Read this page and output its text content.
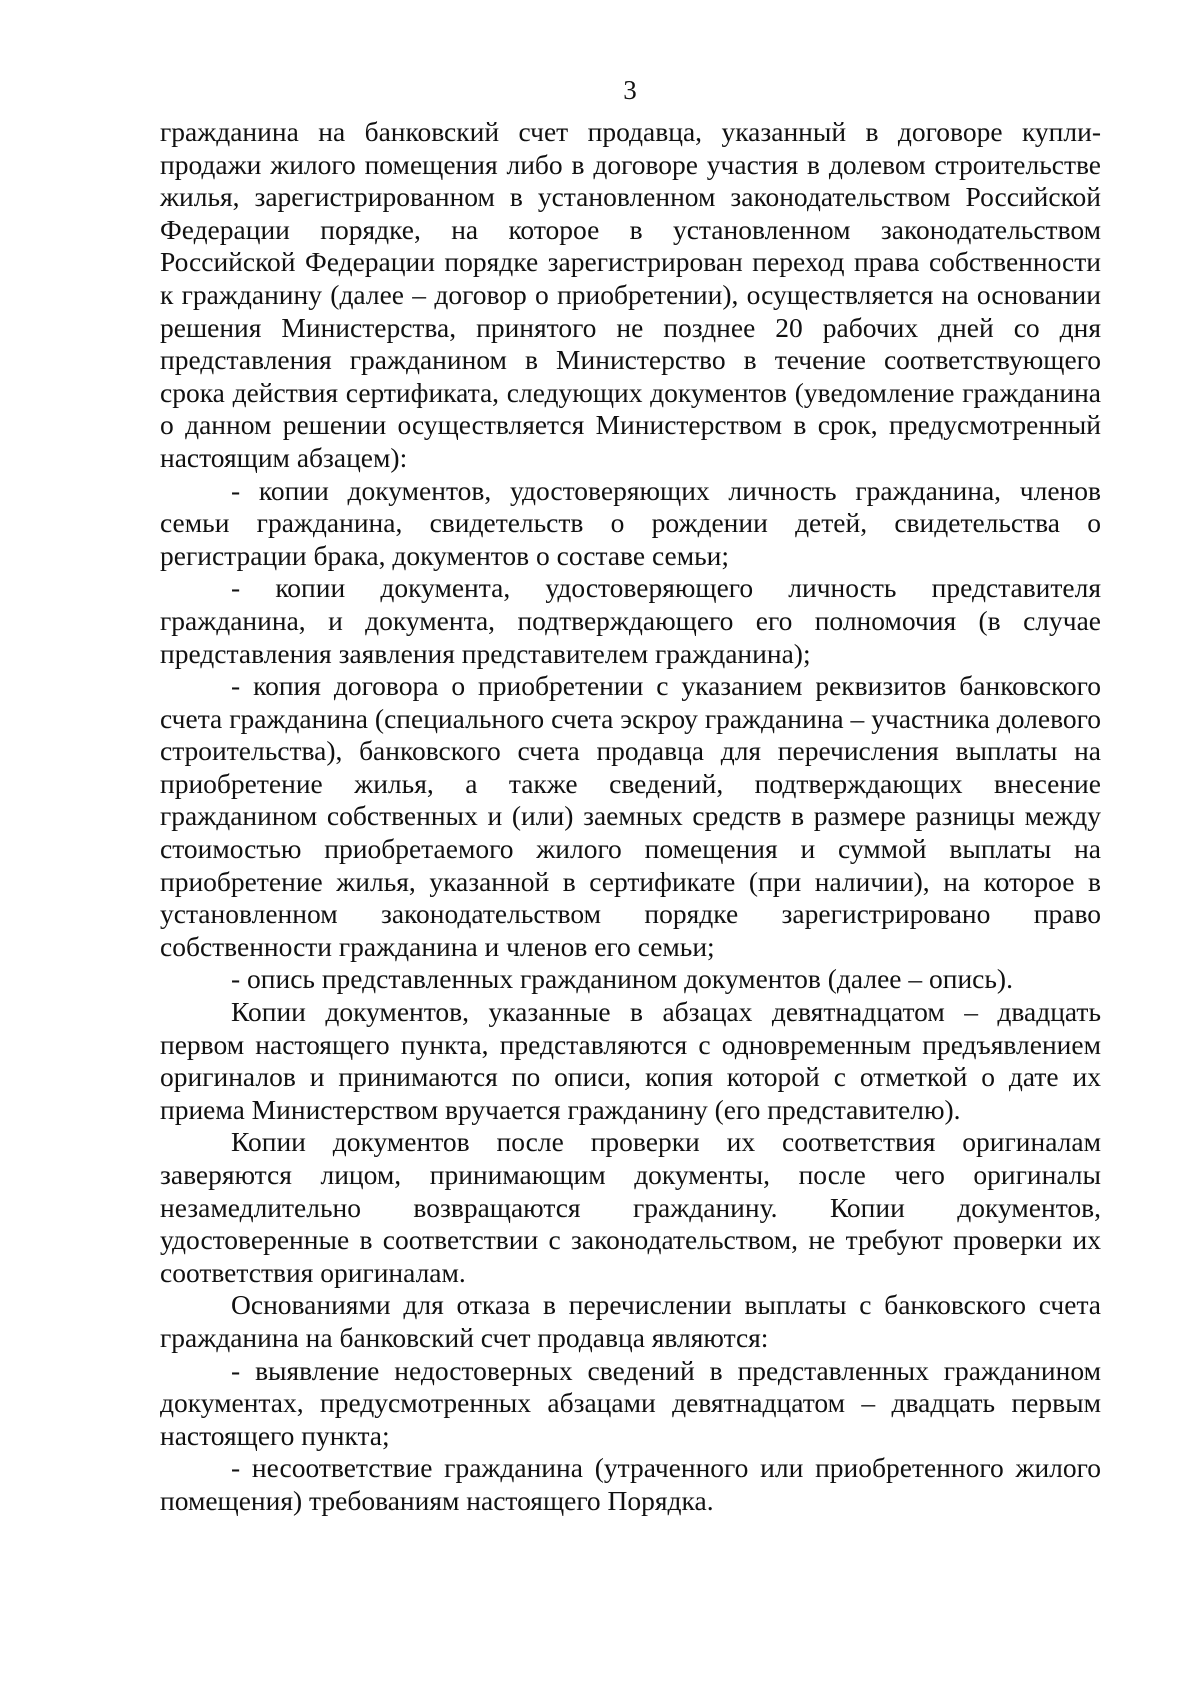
3

гражданина на банковский счет продавца, указанный в договоре купли-продажи жилого помещения либо в договоре участия в долевом строительстве жилья, зарегистрированном в установленном законодательством Российской Федерации порядке, на которое в установленном законодательством Российской Федерации порядке зарегистрирован переход права собственности к гражданину (далее – договор о приобретении), осуществляется на основании решения Министерства, принятого не позднее 20 рабочих дней со дня представления гражданином в Министерство в течение соответствующего срока действия сертификата, следующих документов (уведомление гражданина о данном решении осуществляется Министерством в срок, предусмотренный настоящим абзацем):

- копии документов, удостоверяющих личность гражданина, членов семьи гражданина, свидетельств о рождении детей, свидетельства о регистрации брака, документов о составе семьи;

- копии документа, удостоверяющего личность представителя гражданина, и документа, подтверждающего его полномочия (в случае представления заявления представителем гражданина);

- копия договора о приобретении с указанием реквизитов банковского счета гражданина (специального счета эскроу гражданина – участника долевого строительства), банковского счета продавца для перечисления выплаты на приобретение жилья, а также сведений, подтверждающих внесение гражданином собственных и (или) заемных средств в размере разницы между стоимостью приобретаемого жилого помещения и суммой выплаты на приобретение жилья, указанной в сертификате (при наличии), на которое в установленном законодательством порядке зарегистрировано право собственности гражданина и членов его семьи;

- опись представленных гражданином документов (далее – опись).

Копии документов, указанные в абзацах девятнадцатом – двадцать первом настоящего пункта, представляются с одновременным предъявлением оригиналов и принимаются по описи, копия которой с отметкой о дате их приема Министерством вручается гражданину (его представителю).

Копии документов после проверки их соответствия оригиналам заверяются лицом, принимающим документы, после чего оригиналы незамедлительно возвращаются гражданину. Копии документов, удостоверенные в соответствии с законодательством, не требуют проверки их соответствия оригиналам.

Основаниями для отказа в перечислении выплаты с банковского счета гражданина на банковский счет продавца являются:

- выявление недостоверных сведений в представленных гражданином документах, предусмотренных абзацами девятнадцатом – двадцать первым настоящего пункта;

- несоответствие гражданина (утраченного или приобретенного жилого помещения) требованиям настоящего Порядка.
